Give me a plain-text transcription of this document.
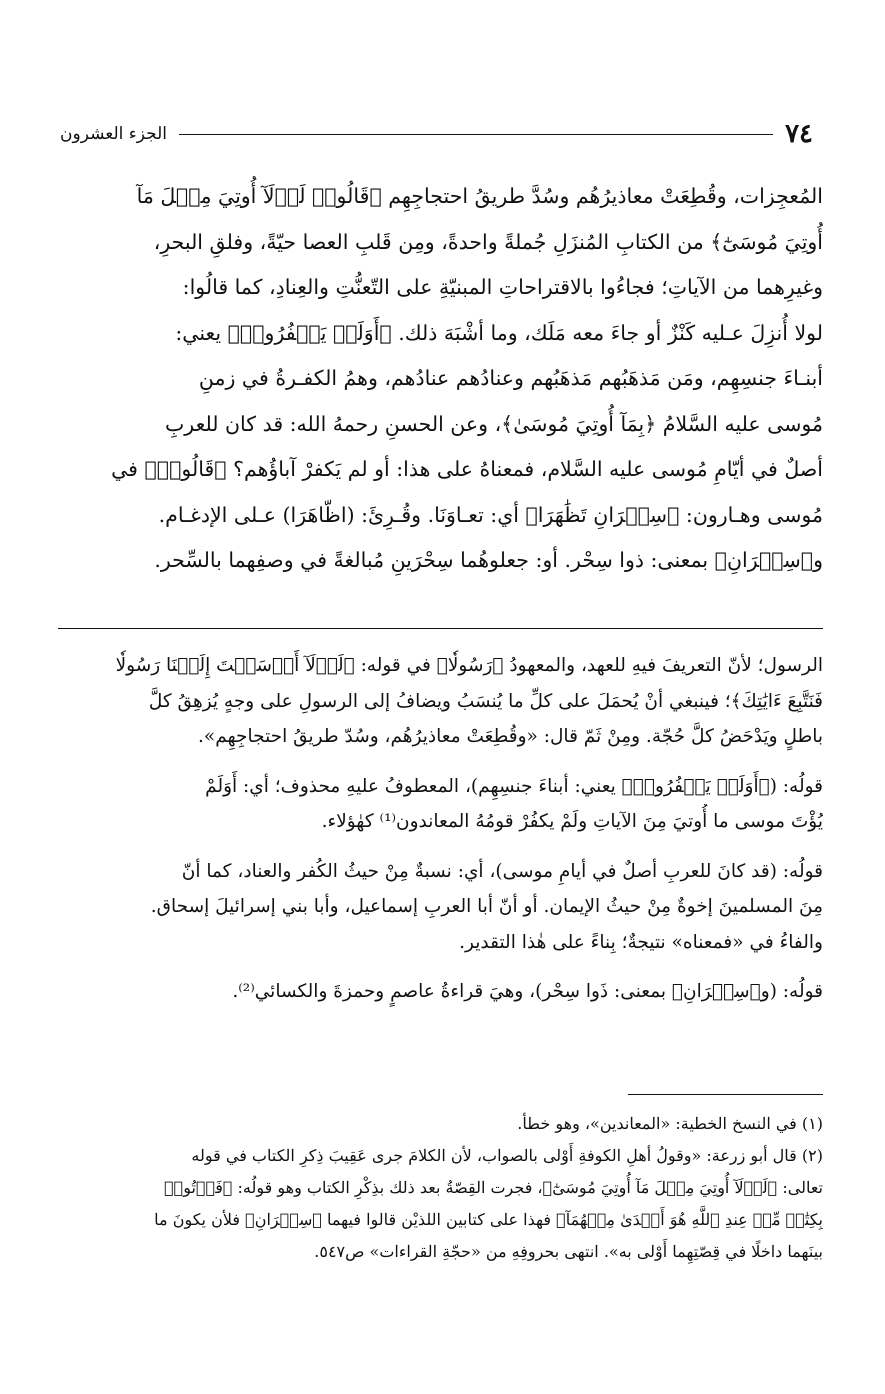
٧٤
الجزء العشرون
المُعجِزات، وقُطِعَتْ معاذيرُهُم وسُدَّ طريقُ احتجاجِهِم ﴿قَالُوا۟ لَوۡلَآ أُوتِيَ مِثۡلَ مَآ
أُوتِيَ مُوسَىٰٓ﴾ من الكتابِ المُنزَلِ جُملةً واحدةً، ومِن قَلبِ العصا حيّةً، وفلقِ البحرِ،
وغيرِهما من الآياتِ؛ فجاءُوا بالاقتراحاتِ المبنيّةِ على التّعنُّتِ والعِنادِ، كما قالُوا:
لولا أُنزِلَ عـليه كَنْزٌ أو جاءَ معه مَلَك، وما أشْبَهَ ذلك. ﴿أَوَلَمۡ يَكۡفُرُوا۟﴾ يعني:
أبنـاءَ جنسِهِم، ومَن مَذهَبُهم مَذهَبُهم وعنادُهم عنادُهم، وهمُ الكفـرةُ في زمنِ
مُوسى عليه السَّلامُ ﴿بِمَآ أُوتِيَ مُوسَىٰ﴾، وعن الحسنِ رحمهُ الله: قد كان للعربِ
أصلٌ في أيّامِ مُوسى عليه السَّلام، فمعناهُ على هذا: أو لم يَكفرْ آباؤُهم؟ ﴿قَالُوا۟﴾ في
مُوسى وهـارون: ﴿سِحۡرَانِ تَظَٰهَرَا﴾ أي: تعـاوَنَا. وقُـرِئَ: (اظّاهَرَا) عـلى الإدغـام.
و﴿سِحۡرَانِ﴾ بمعنى: ذوا سِحْر. أو: جعلوهُما سِحْرَينِ مُبالغةً في وصفِهما بالسِّحر.
الرسول؛ لأنّ التعريفَ فيهِ للعهد، والمعهودُ ﴿رَسُولٗا﴾ في قوله: ﴿لَوۡلَآ أَرۡسَلۡتَ إِلَيۡنَا رَسُولٗا
فَنَتَّبِعَ ءَايَٰتِكَ﴾؛ فينبغي أنْ يُحمَلَ على كلِّ ما يُنسَبُ ويضافُ إلى الرسولِ على وجهٍ يُزهِقُ كلَّ
باطلٍ ويَدْحَضُ كلَّ حُجّة. ومِنْ ثَمّ قال: «وقُطِعَتْ معاذيرُهُم، وسُدّ طريقُ احتجاجِهِم».
قولُه: (﴿أَوَلَمۡ يَكۡفُرُوا۟﴾ يعني: أبناءَ جنسِهِم)، المعطوفُ عليهِ محذوف؛ أي: أَوَلَمْ
يُؤْتَ موسى ما أُوتيَ مِنَ الآياتِ ولَمْ يكفُرْ قومُهُ المعاندون⁽¹⁾ كهٰؤلاء.
قولُه: (قد كانَ للعربِ أصلٌ في أيامِ موسى)، أي: نسبةٌ مِنْ حيثُ الكُفر والعناد، كما أنّ
مِنَ المسلمينَ إخوةٌ مِنْ حيثُ الإيمان. أو أنّ أبا العربِ إسماعيل، وأبا بني إسرائيلَ إسحاق.
والفاءُ في «فمعناه» نتيجةٌ؛ بِناءً على هٰذا التقدير.
قولُه: (و﴿سِحۡرَانِ﴾ بمعنى: ذَوا سِحْر)، وهيَ قراءةُ عاصمٍ وحمزةَ والكسائي⁽²⁾.
(١) في النسخ الخطية: «المعاندين»، وهو خطأ.
(٢) قال أبو زرعة: «وقولُ أهلِ الكوفةِ أَوْلى بالصواب، لأن الكلامَ جرى عَقِيبَ ذِكرِ الكتاب في قوله
تعالى: ﴿لَوۡلَآ أُوتِيَ مِثۡلَ مَآ أُوتِيَ مُوسَىٰٓ﴾، فجرت القِصّةُ بعد ذلك بذِكْرِ الكتاب وهو قولُه: ﴿فَأۡتُوا۟
بِكِتَٰبٖ مِّنۡ عِندِ ٱللَّهِ هُوَ أَهۡدَىٰ مِنۡهُمَآ﴾ فهذا على كتابين اللذيْن قالوا فيهما ﴿سِحۡرَانِ﴾ فلأن يكونَ ما
بينَهما داخلًا في قِصّتِهِما أَوْلى به». انتهى بحروفِهِ من «حجّةِ القراءات» ص٥٤٧.
